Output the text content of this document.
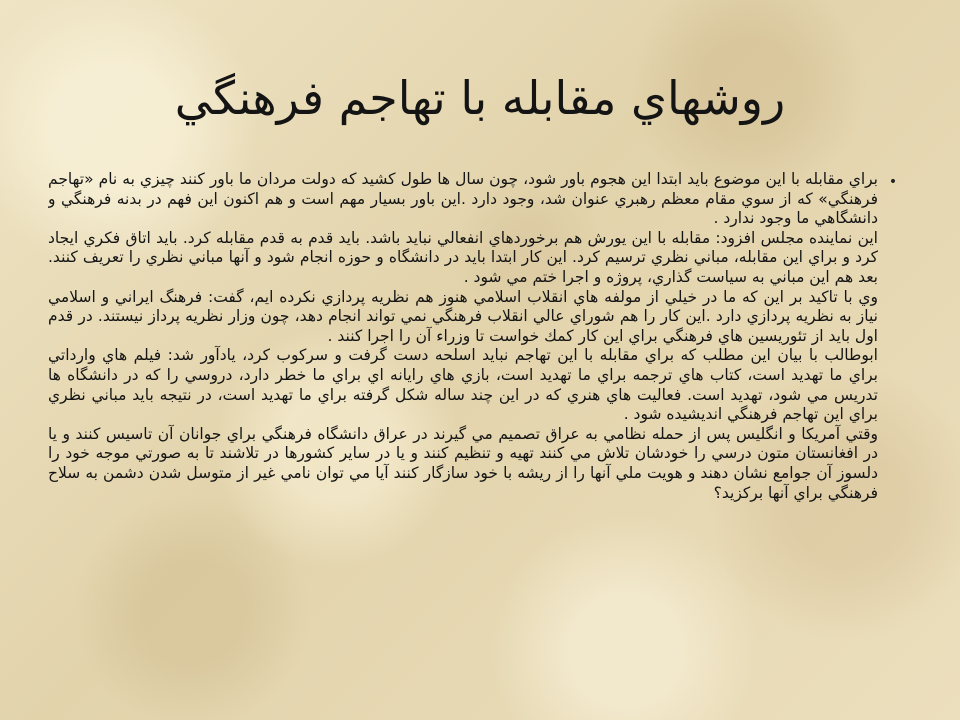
روشهاي مقابله با تهاجم فرهنگي
•

براي مقابله با اين موضوع بايد ابتدا اين هجوم باور شود، چون سال ها طول كشيد كه دولت مردان ما باور كنند چيزي به نام «تهاجم فرهنگي» كه از سوي مقام معظم رهبري عنوان شد، وجود دارد .اين باور بسيار مهم است و هم اكنون اين فهم در بدنه فرهنگي و دانشگاهي ما وجود ندارد .

اين نماينده مجلس افزود: مقابله با اين يورش هم برخوردهاي انفعالي نبايد باشد. بايد قدم به قدم مقابله كرد. بايد اتاق فكري ايجاد كرد و براي اين مقابله، مباني نظري ترسيم كرد. اين كار ابتدا بايد در دانشگاه و حوزه انجام شود و آنها مباني نظري را تعريف كنند. بعد هم اين مباني به سياست گذاري، پروژه و اجرا ختم مي شود .

وي با تاكيد بر اين كه ما در خيلي از مولفه هاي انقلاب اسلامي هنوز هم نظريه پردازي نكرده ايم، گفت: فرهنگ ايراني و اسلامي نياز به نظريه پردازي دارد .اين كار را هم شوراي عالي انقلاب فرهنگي نمي تواند انجام دهد، چون وزار نظريه پرداز نيستند. در قدم اول بايد از تئوريسين هاي فرهنگي براي اين كار كمك خواست تا وزراء آن را اجرا كنند .

ابوطالب با بيان اين مطلب كه براي مقابله با اين تهاجم نبايد اسلحه دست گرفت و سركوب كرد، يادآور شد: فيلم هاي وارداتي براي ما تهديد است، كتاب هاي ترجمه براي ما تهديد است، بازي هاي رايانه اي براي ما خطر دارد، دروسي را كه در دانشگاه ها تدريس مي شود، تهديد است. فعاليت هاي هنري كه در اين چند ساله شكل گرفته براي ما تهديد است، در نتيجه بايد مباني نظري براي اين تهاجم فرهنگي انديشيده شود .

وقتي آمريكا و انگليس پس از حمله نظامي به عراق تصميم مي گيرند در عراق دانشگاه فرهنگي براي جوانان آن تاسيس كنند و يا در افغانستان متون درسي را خودشان تلاش مي كنند تهيه و تنظيم كنند و يا در ساير كشورها در تلاشند تا به صورتي موجه خود را دلسوز آن جوامع نشان دهند و هويت ملي آنها را از ريشه با خود سازگار كنند آيا مي توان نامي غير از متوسل شدن دشمن به سلاح فرهنگي براي آنها بركزيد؟
